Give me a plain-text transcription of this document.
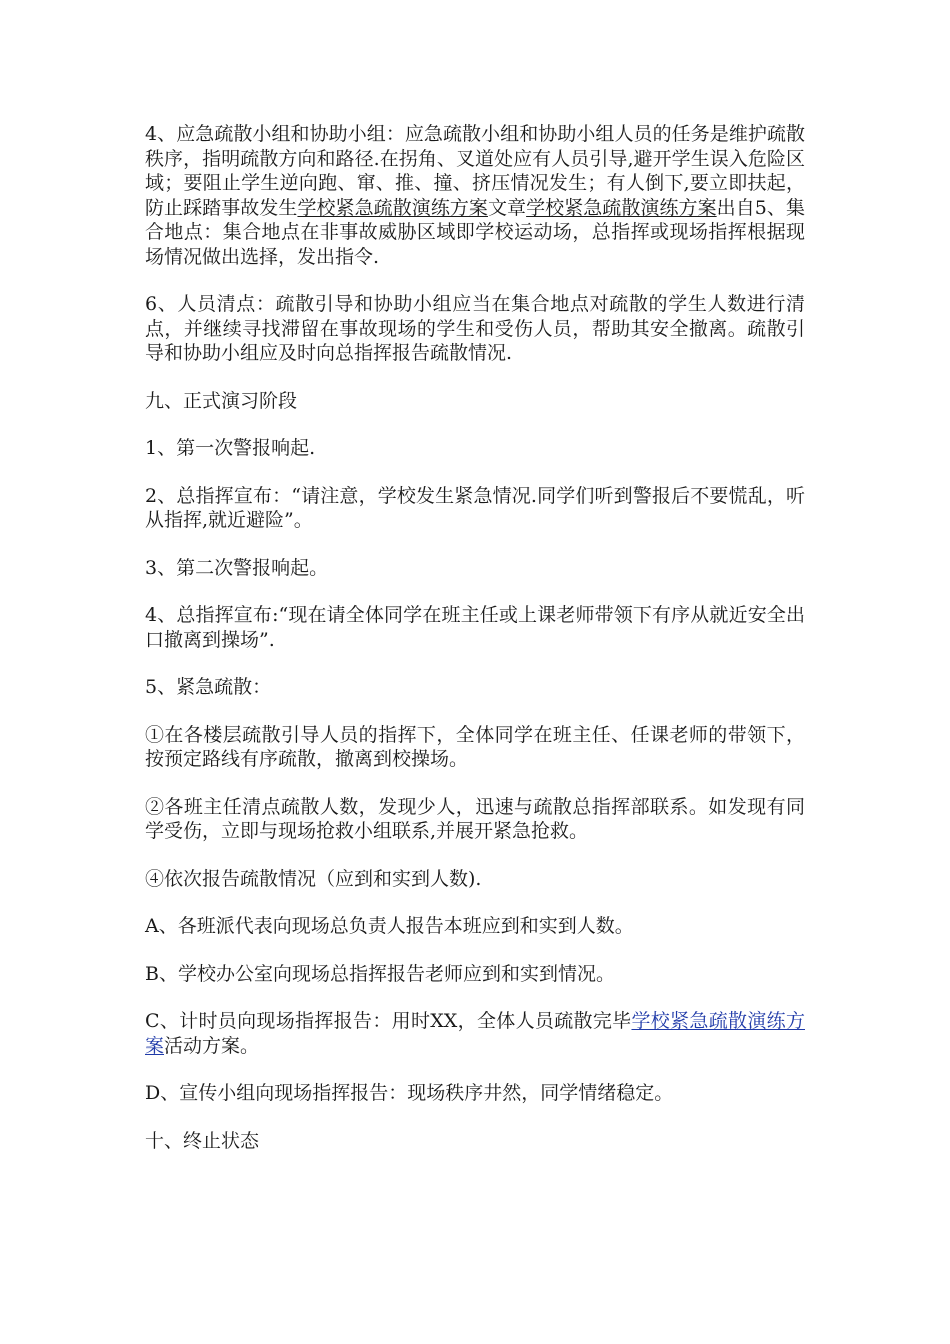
4、应急疏散小组和协助小组：应急疏散小组和协助小组人员的任务是维护疏散秩序，指明疏散方向和路径.在拐角、叉道处应有人员引导,避开学生误入危险区域；要阻止学生逆向跑、窜、推、撞、挤压情况发生；有人倒下,要立即扶起，防止踩踏事故发生学校紧急疏散演练方案文章学校紧急疏散演练方案出自5、集合地点：集合地点在非事故威胁区域即学校运动场，总指挥或现场指挥根据现场情况做出选择，发出指令.

6、人员清点：疏散引导和协助小组应当在集合地点对疏散的学生人数进行清点，并继续寻找滞留在事故现场的学生和受伤人员，帮助其安全撤离。疏散引导和协助小组应及时向总指挥报告疏散情况.

九、正式演习阶段

1、第一次警报响起.

2、总指挥宣布：“请注意，学校发生紧急情况.同学们听到警报后不要慌乱，听从指挥,就近避险”。

3、第二次警报响起。

4、总指挥宣布:“现在请全体同学在班主任或上课老师带领下有序从就近安全出口撤离到操场”.

5、紧急疏散：

①在各楼层疏散引导人员的指挥下，全体同学在班主任、任课老师的带领下，按预定路线有序疏散，撤离到校操场。

②各班主任清点疏散人数，发现少人，迅速与疏散总指挥部联系。如发现有同学受伤，立即与现场抢救小组联系,并展开紧急抢救。

④依次报告疏散情况（应到和实到人数).

A、各班派代表向现场总负责人报告本班应到和实到人数。

B、学校办公室向现场总指挥报告老师应到和实到情况。

C、计时员向现场指挥报告：用时XX，全体人员疏散完毕学校紧急疏散演练方案活动方案。

D、宣传小组向现场指挥报告：现场秩序井然，同学情绪稳定。

十、终止状态
